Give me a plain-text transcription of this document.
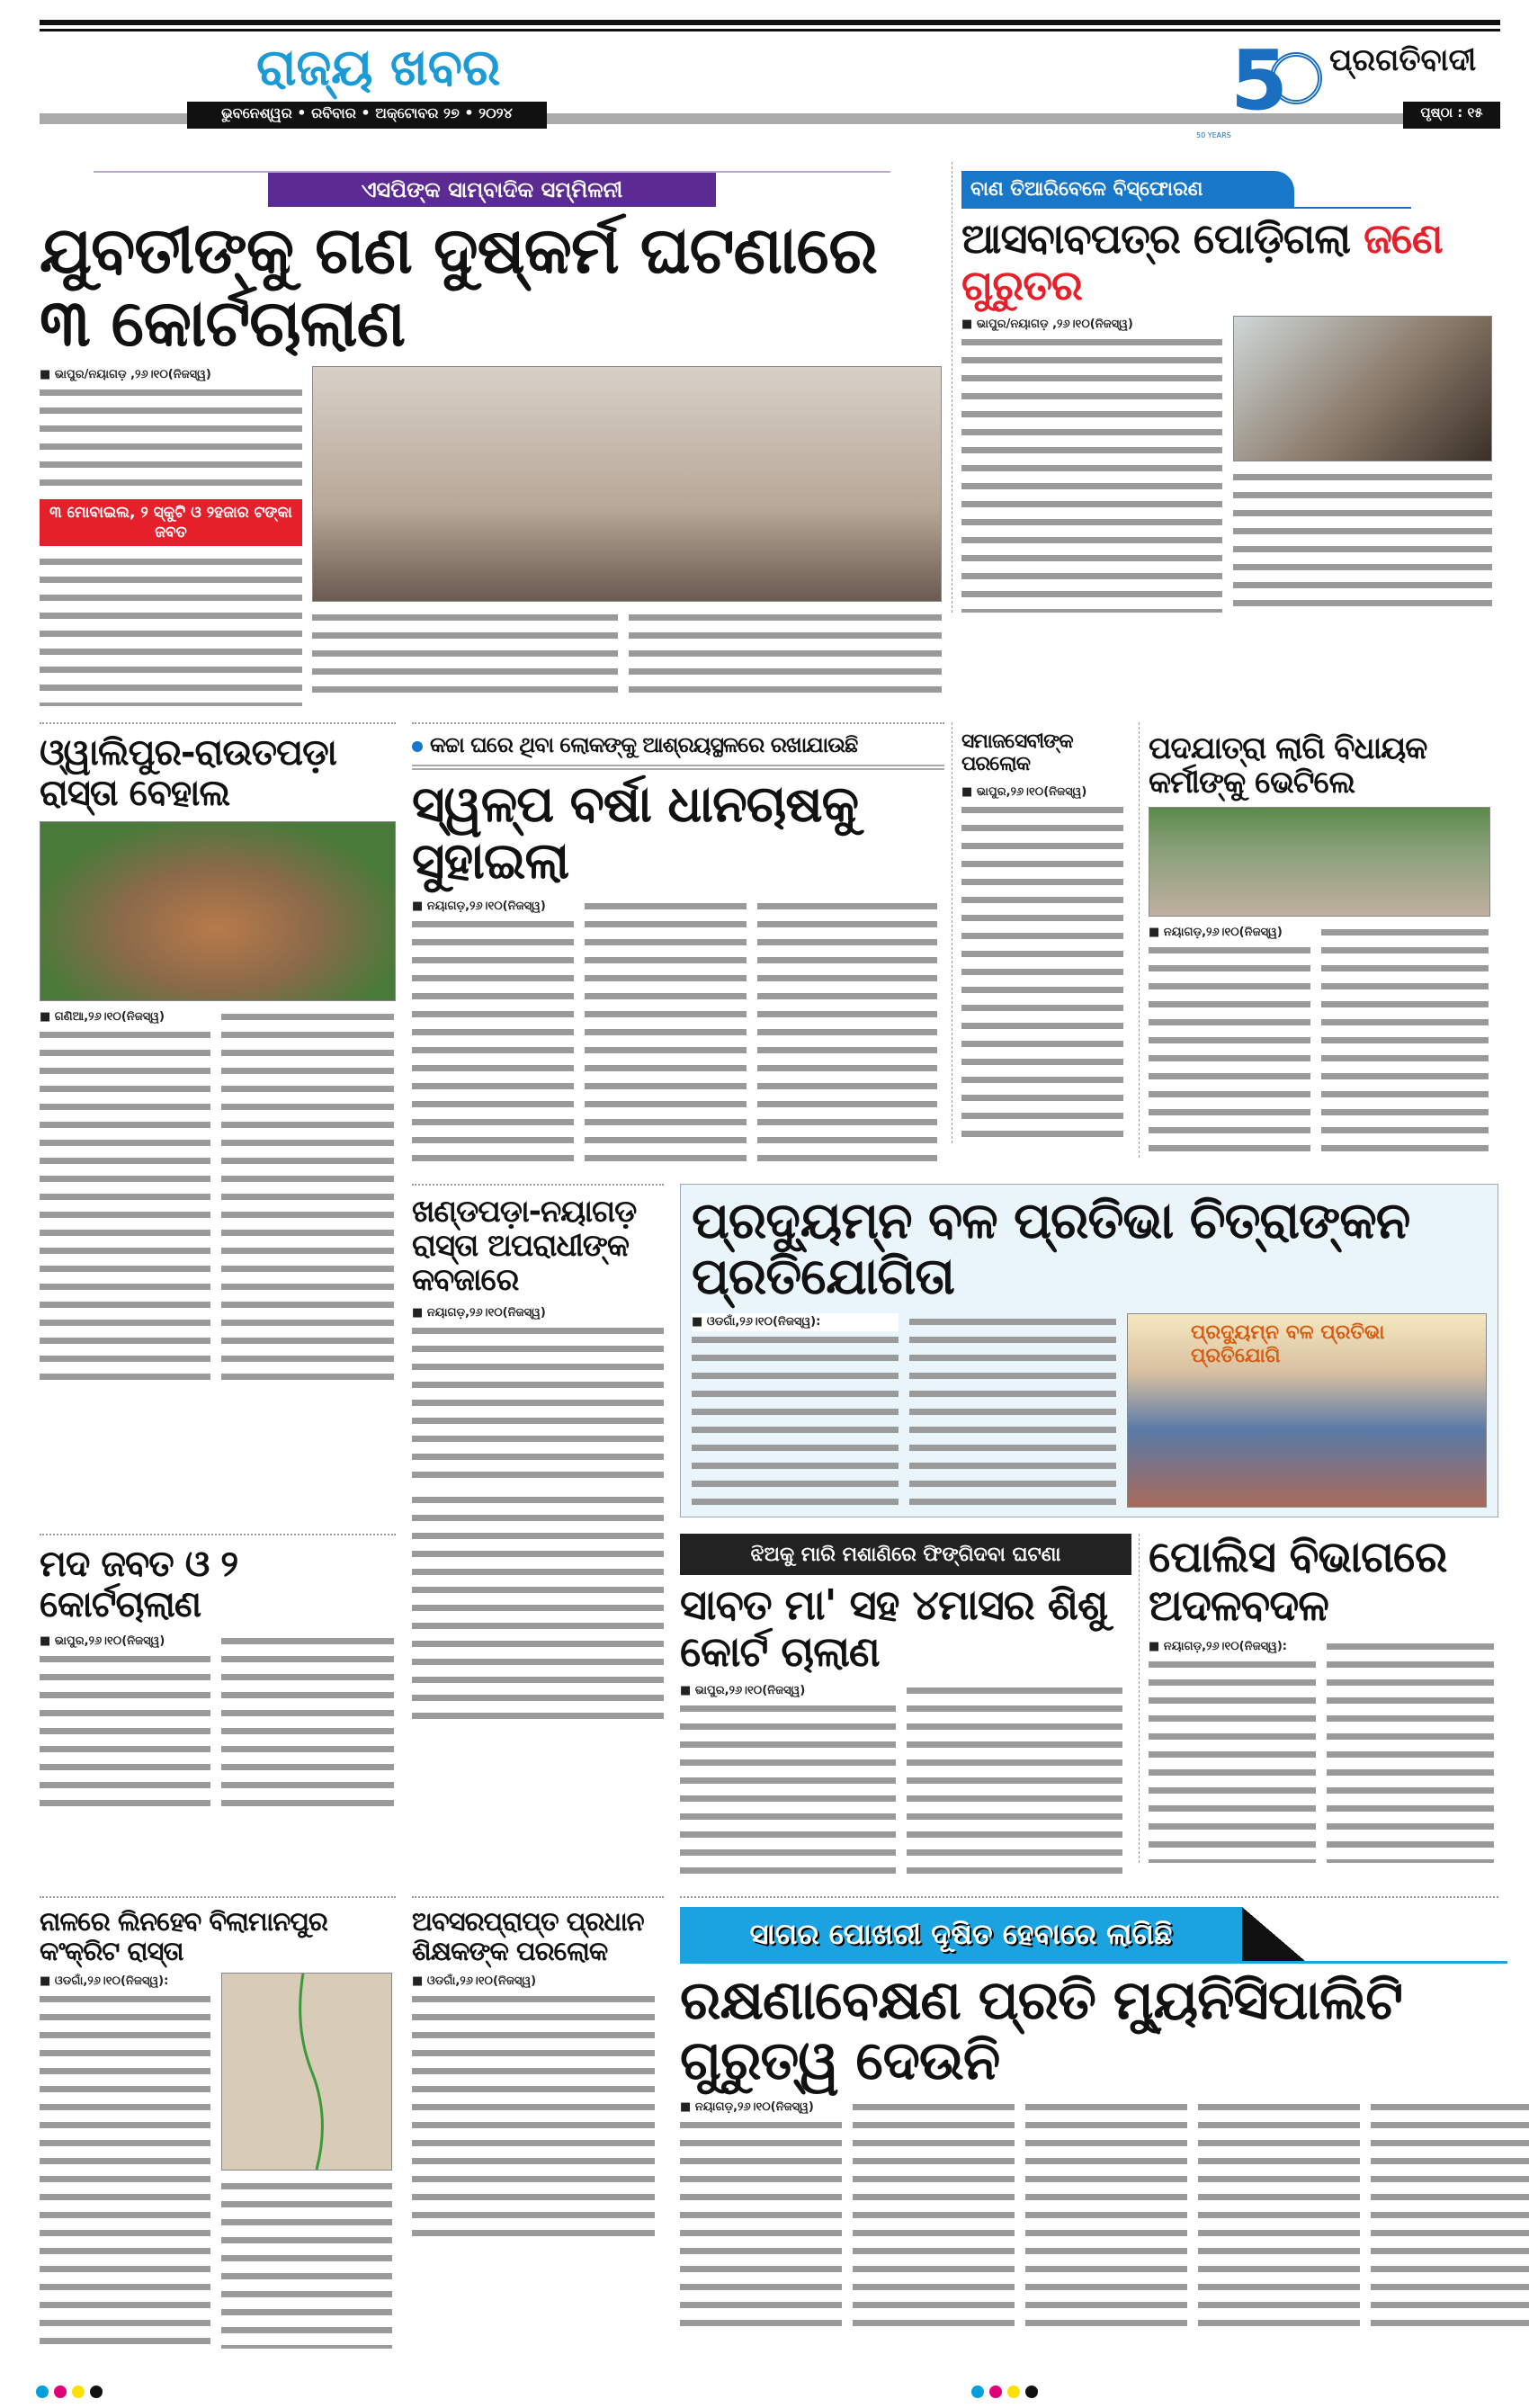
ରାଜ୍ୟ ଖବର
ଭୁବନେଶ୍ୱର • ରବିବାର • ଅକ୍ଟୋବର ୨୭ • ୨୦୨୪	5
50 YEARS
ପ୍ରଗତିବାଦୀ
ପୃଷ୍ଠା : ୧୫
ଏସପିଙ୍କ ସାମ୍ବାଦିକ ସମ୍ମିଳନୀ
ଯୁବତୀଙ୍କୁ ଗଣ ଦୁଷ୍କର୍ମ ଘଟଣାରେ ୩ କୋର୍ଟଚାଲାଣ
■ ଭାପୁର/ନୟାଗଡ଼ ,୨୬।୧୦(ନିଜସ୍ୱ)
୩ ମୋବାଇଲ, ୨ ସ୍କୁଟି ଓ ୨ହଜାର ଟଙ୍କା ଜବତ
ବାଣ ତିଆରିବେଳେ ବିସ୍ଫୋରଣ
ଆସବାବପତ୍ର ପୋଡ଼ିଗଲା ଜଣେ ଗୁରୁତର
■ ଭାପୁର/ନୟାଗଡ଼ ,୨୬।୧୦(ନିଜସ୍ୱ)
ଓ୍ୱାଲିପୁର-ରାଉତପଡ଼ା ରାସ୍ତା ବେହାଲ
■ ଗଣିଆ,୨୬।୧୦(ନିଜସ୍ୱ)
କଚ୍ଚା ଘରେ ଥିବା ଲୋକଙ୍କୁ ଆଶ୍ରୟସ୍ଥଳରେ ରଖାଯାଉଛି
ସ୍ୱଳ୍ପ ବର୍ଷା ଧାନଚାଷକୁ ସୁହାଇଲା
■ ନୟାଗଡ଼,୨୬।୧୦(ନିଜସ୍ୱ)
ସମାଜସେବୀଙ୍କ ପରଲୋକ
■ ଭାପୁର,୨୬।୧୦(ନିଜସ୍ୱ)
ପଦଯାତ୍ରା ଲାଗି ବିଧାୟକ କର୍ମୀଙ୍କୁ ଭେଟିଲେ
■ ନୟାଗଡ଼,୨୬।୧୦(ନିଜସ୍ୱ)
ଖଣ୍ଡପଡ଼ା-ନୟାଗଡ଼ ରାସ୍ତା ଅପରାଧୀଙ୍କ କବଜାରେ
■ ନୟାଗଡ଼,୨୬।୧୦(ନିଜସ୍ୱ)
ପ୍ରଦ୍ୟୁମ୍ନ ବଳ ପ୍ରତିଭା ଚିତ୍ରାଙ୍କନ ପ୍ରତିଯୋଗିତା
■ ଓଡଗାଁ,୨୬।୧୦(ନିଜସ୍ୱ):	ପ୍ରଦ୍ୟୁମ୍ନ ବଳ ପ୍ରତିଭା ପ୍ରତିଯୋଗି
ମଦ ଜବତ ଓ ୨ କୋର୍ଟଚାଲାଣ
■ ଭାପୁର,୨୬।୧୦(ନିଜସ୍ୱ)
ଝିଅକୁ ମାରି ମଶାଣିରେ ଫିଙ୍ଗିଦବା ଘଟଣା
ସାବତ ମା' ସହ ୪ମାସର ଶିଶୁ କୋର୍ଟ ଚାଲାଣ
■ ଭାପୁର,୨୬।୧୦(ନିଜସ୍ୱ)
ପୋଲିସ ବିଭାଗରେ ଅଦଳବଦଳ
■ ନୟାଗଡ଼,୨୬।୧୦(ନିଜସ୍ୱ):
ନାଳରେ ଲିନହେବ ବିଲାମାନପୁର କଂକ୍ରିଟ ରାସ୍ତା
■ ଓଡଗାଁ,୨୬।୧୦(ନିଜସ୍ୱ):
ଅବସରପ୍ରାପ୍ତ ପ୍ରଧାନ ଶିକ୍ଷକଙ୍କ ପରଲୋକ
■ ଓଡଗାଁ,୨୬।୧୦(ନିଜସ୍ୱ)
ସାଗର ପୋଖରୀ ଦୂଷିତ ହେବାରେ ଲାଗିଛି
ରକ୍ଷଣାବେକ୍ଷଣ ପ୍ରତି ମ୍ୟୁନିସିପାଲିଟି ଗୁରୁତ୍ୱ ଦେଉନି
■ ନୟାଗଡ଼,୨୬।୧୦(ନିଜସ୍ୱ)
